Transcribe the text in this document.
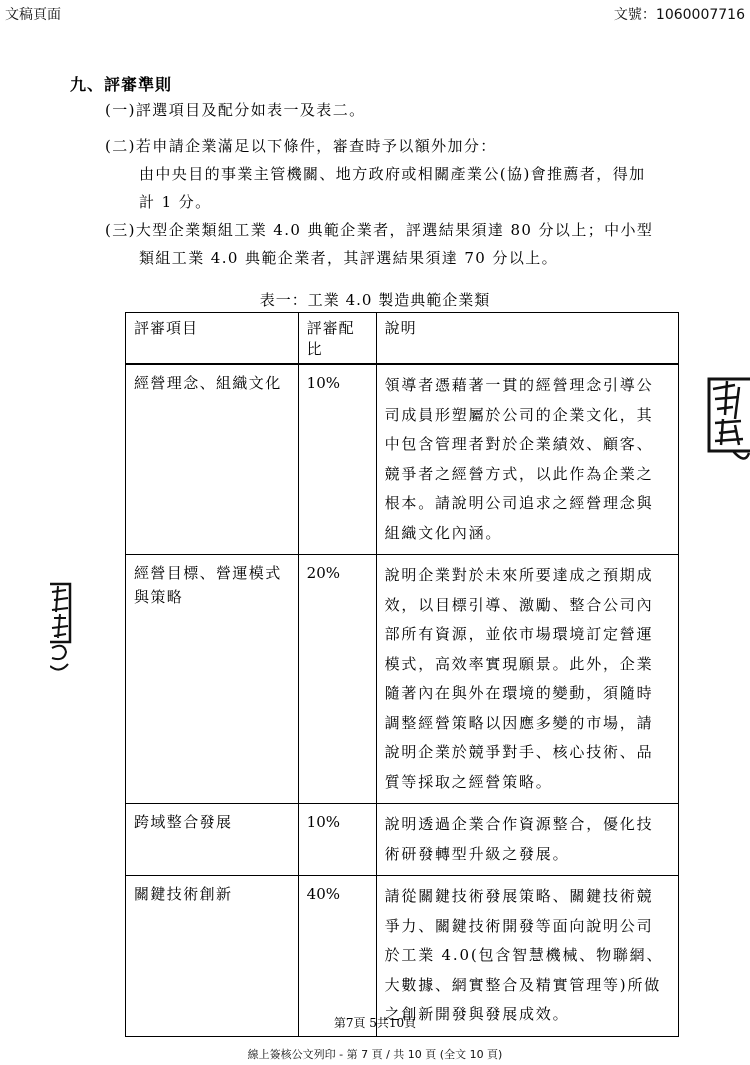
文稿頁面	文號：1060007716
九、評審準則
(一)評選項目及配分如表一及表二。
(二)若申請企業滿足以下條件，審查時予以額外加分：
由中央目的事業主管機關、地方政府或相關產業公(協)會推薦者，得加
計 1 分。
(三)大型企業類組工業 4.0 典範企業者，評選結果須達 80 分以上；中小型
類組工業 4.0 典範企業者，其評選結果須達 70 分以上。
表一：工業 4.0 製造典範企業類
評審項目	評審配比	說明
經營理念、組織文化	10%	領導者憑藉著一貫的經營理念引導公司成員形塑屬於公司的企業文化，其中包含管理者對於企業績效、顧客、競爭者之經營方式，以此作為企業之根本。請說明公司追求之經營理念與組織文化內涵。
經營目標、營運模式與策略	20%	說明企業對於未來所要達成之預期成效，以目標引導、激勵、整合公司內部所有資源，並依市場環境訂定營運模式，高效率實現願景。此外，企業隨著內在與外在環境的變動，須隨時調整經營策略以因應多變的市場，請說明企業於競爭對手、核心技術、品質等採取之經營策略。
跨域整合發展	10%	說明透過企業合作資源整合，優化技術研發轉型升級之發展。
關鍵技術創新	40%	請從關鍵技術發展策略、關鍵技術競爭力、關鍵技術開發等面向說明公司於工業 4.0(包含智慧機械、物聯網、大數據、網實整合及精實管理等)所做之創新開發與發展成效。
第7頁 5共10頁
線上簽核公文列印 - 第 7 頁 / 共 10 頁 (全文 10 頁)
